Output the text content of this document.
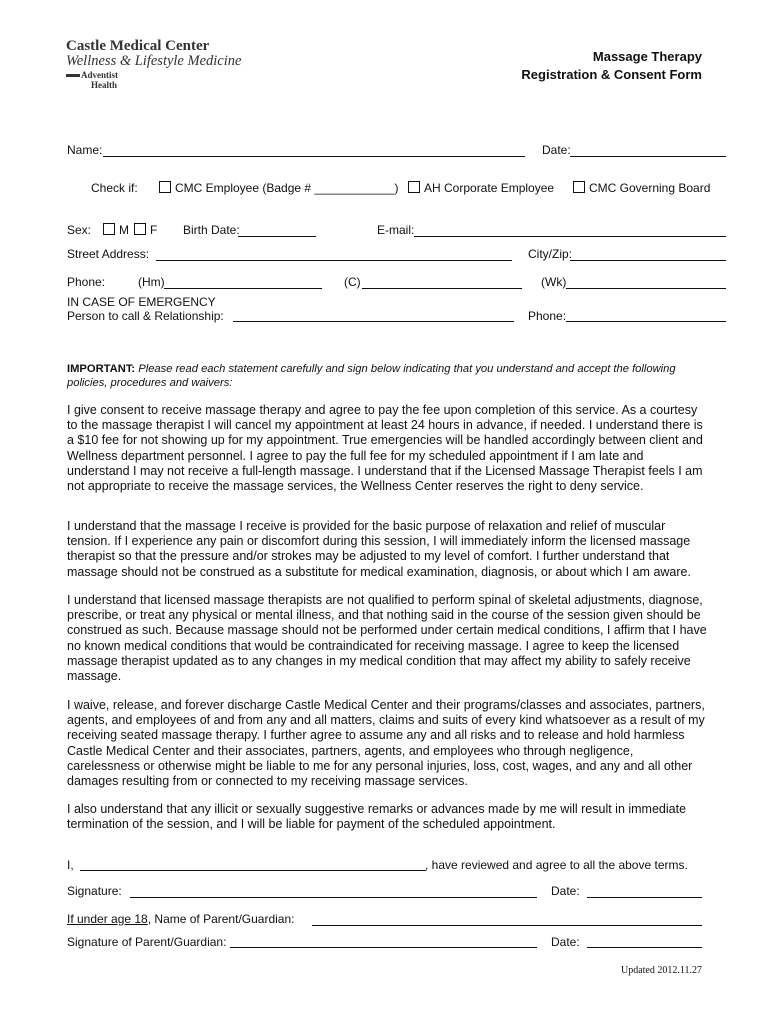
Castle Medical Center
Wellness & Lifestyle Medicine
Adventist
Health
Massage Therapy
Registration & Consent Form
Name:	Date:
Check if:	CMC Employee (Badge # ____________)	AH Corporate Employee	CMC Governing Board
Sex:	M	F Birth Date:	E-mail:
Street Address:	City/Zip:
Phone:	(Hm)	(C)	(Wk)
IN CASE OF EMERGENCY
Person to call & Relationship:	Phone:
IMPORTANT: Please read each statement carefully and sign below indicating that you understand and accept the following policies, procedures and waivers:
I give consent to receive massage therapy and agree to pay the fee upon completion of this service. As a courtesy to the massage therapist I will cancel my appointment at least 24 hours in advance, if needed. I understand there is a $10 fee for not showing up for my appointment. True emergencies will be handled accordingly between client and Wellness department personnel. I agree to pay the full fee for my scheduled appointment if I am late and understand I may not receive a full-length massage. I understand that if the Licensed Massage Therapist feels I am not appropriate to receive the massage services, the Wellness Center reserves the right to deny service.
I understand that the massage I receive is provided for the basic purpose of relaxation and relief of muscular tension. If I experience any pain or discomfort during this session, I will immediately inform the licensed massage therapist so that the pressure and/or strokes may be adjusted to my level of comfort. I further understand that massage should not be construed as a substitute for medical examination, diagnosis, or about which I am aware.
I understand that licensed massage therapists are not qualified to perform spinal of skeletal adjustments, diagnose, prescribe, or treat any physical or mental illness, and that nothing said in the course of the session given should be construed as such. Because massage should not be performed under certain medical conditions, I affirm that I have no known medical conditions that would be contraindicated for receiving massage. I agree to keep the licensed massage therapist updated as to any changes in my medical condition that may affect my ability to safely receive massage.
I waive, release, and forever discharge Castle Medical Center and their programs/classes and associates, partners, agents, and employees of and from any and all matters, claims and suits of every kind whatsoever as a result of my receiving seated massage therapy. I further agree to assume any and all risks and to release and hold harmless Castle Medical Center and their associates, partners, agents, and employees who through negligence, carelessness or otherwise might be liable to me for any personal injuries, loss, cost, wages, and any and all other damages resulting from or connected to my receiving massage services.
I also understand that any illicit or sexually suggestive remarks or advances made by me will result in immediate termination of the session, and I will be liable for payment of the scheduled appointment.
I,	, have reviewed and agree to all the above terms.
Signature:	Date:
If under age 18, Name of Parent/Guardian:
Signature of Parent/Guardian:	Date:
Updated 2012.11.27
